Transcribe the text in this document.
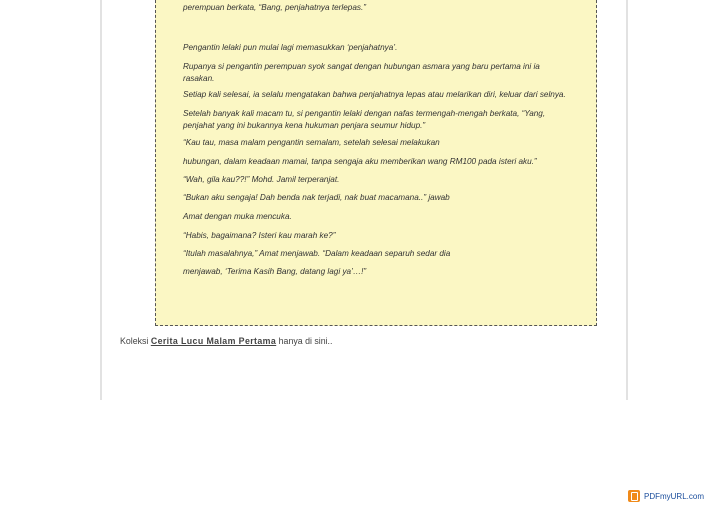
perempuan berkata, “Bang, penjahatnya terlepas.”

Pengantin lelaki pun mulai lagi memasukkan ‘penjahatnya’.

Rupanya si pengantin perempuan syok sangat dengan hubungan asmara yang baru pertama ini ia
rasakan.

Setiap kali selesai, ia selalu mengatakan bahwa penjahatnya lepas atau melarikan diri, keluar dari selnya.

Setelah banyak kali macam tu, si pengantin lelaki dengan nafas termengah-mengah berkata, “Yang,
penjahat yang ini bukannya kena hukuman penjara seumur hidup.”

“Kau tau, masa malam pengantin semalam, setelah selesai melakukan

hubungan, dalam keadaan mamai, tanpa sengaja aku memberikan wang RM100 pada isteri aku.”

“Wah, gila kau??!” Mohd. Jamil terperanjat.

“Bukan aku sengaja! Dah benda nak terjadi, nak buat macamana..” jawab

Amat dengan muka mencuka.

“Habis, bagaimana? Isteri kau marah ke?”

“Itulah masalahnya,” Amat menjawab. “Dalam keadaan separuh sedar dia

menjawab, ‘Terima Kasih Bang, datang lagi ya’…!”

Koleksi Cerita Lucu Malam Pertama hanya di sini..
PDFmyURL.com
